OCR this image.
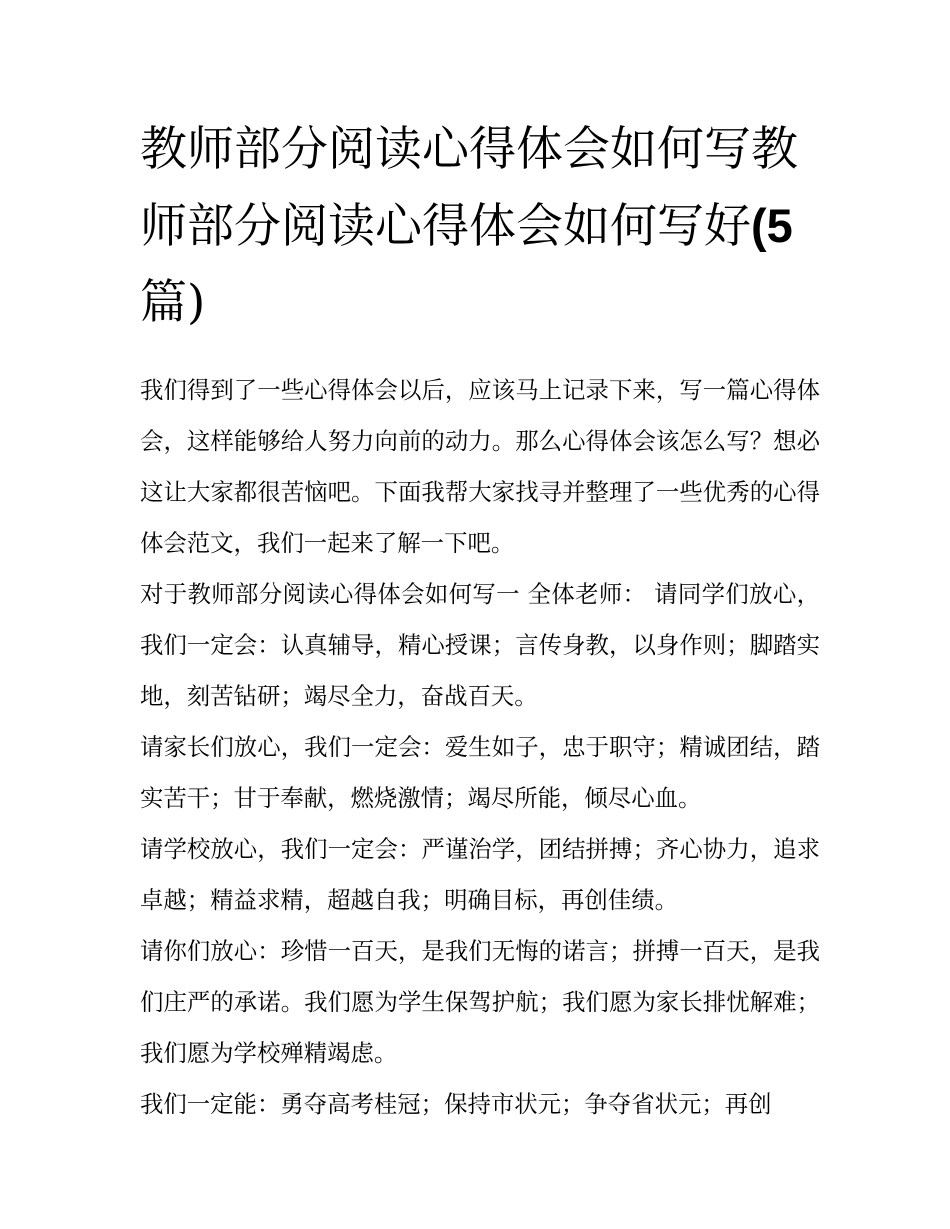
教师部分阅读心得体会如何写教师部分阅读心得体会如何写好(5篇)

我们得到了一些心得体会以后，应该马上记录下来，写一篇心得体会，这样能够给人努力向前的动力。那么心得体会该怎么写？想必这让大家都很苦恼吧。下面我帮大家找寻并整理了一些优秀的心得体会范文，我们一起来了解一下吧。

对于教师部分阅读心得体会如何写一 全体老师： 请同学们放心，我们一定会：认真辅导，精心授课；言传身教，以身作则；脚踏实地，刻苦钻研；竭尽全力，奋战百天。

请家长们放心，我们一定会：爱生如子，忠于职守；精诚团结，踏实苦干；甘于奉献，燃烧激情；竭尽所能，倾尽心血。

请学校放心，我们一定会：严谨治学，团结拼搏；齐心协力，追求卓越；精益求精，超越自我；明确目标，再创佳绩。

请你们放心：珍惜一百天，是我们无悔的诺言；拼搏一百天，是我们庄严的承诺。我们愿为学生保驾护航；我们愿为家长排忧解难；我们愿为学校殚精竭虑。

我们一定能：勇夺高考桂冠；保持市状元；争夺省状元；再创
